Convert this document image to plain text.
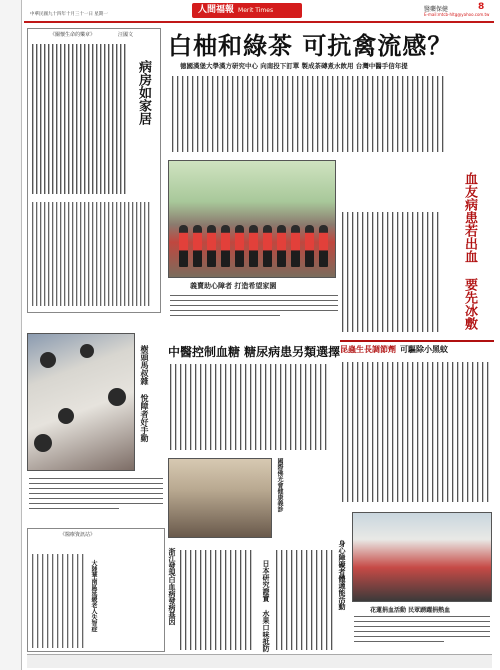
中華民國九十四年十月三十一日 星期一	人間福報 Merit Times	醫藥保健	8
E-mail:mtcb-hltg@yahoo.com.tw
《關懷生命的樂章》	汪國文
病房如家居
白柚和綠茶 可抗禽流感？
德國漢堡大學漢方研究中心 向南投下訂單 製成茶磚煮水飲用 台灣中醫手信年提
血友病患若出血 要先冰敷
義賣助心障者 打造希望家園
中醫控制血糖 糖尿病患另類選擇 昆蟲生長調節劑 可驅除小黑蚊
樹頭馬叔雜 悅障者好手勤
國際佛光會健康義診
《醫療資訊站》
大陸華南區延緩老人失智症	浙江發現白血病發病基因	日本研究證實 水果口味抵防	身心障礙者體適能活動
花蓮捐血活動 民眾踴躍捐熱血
